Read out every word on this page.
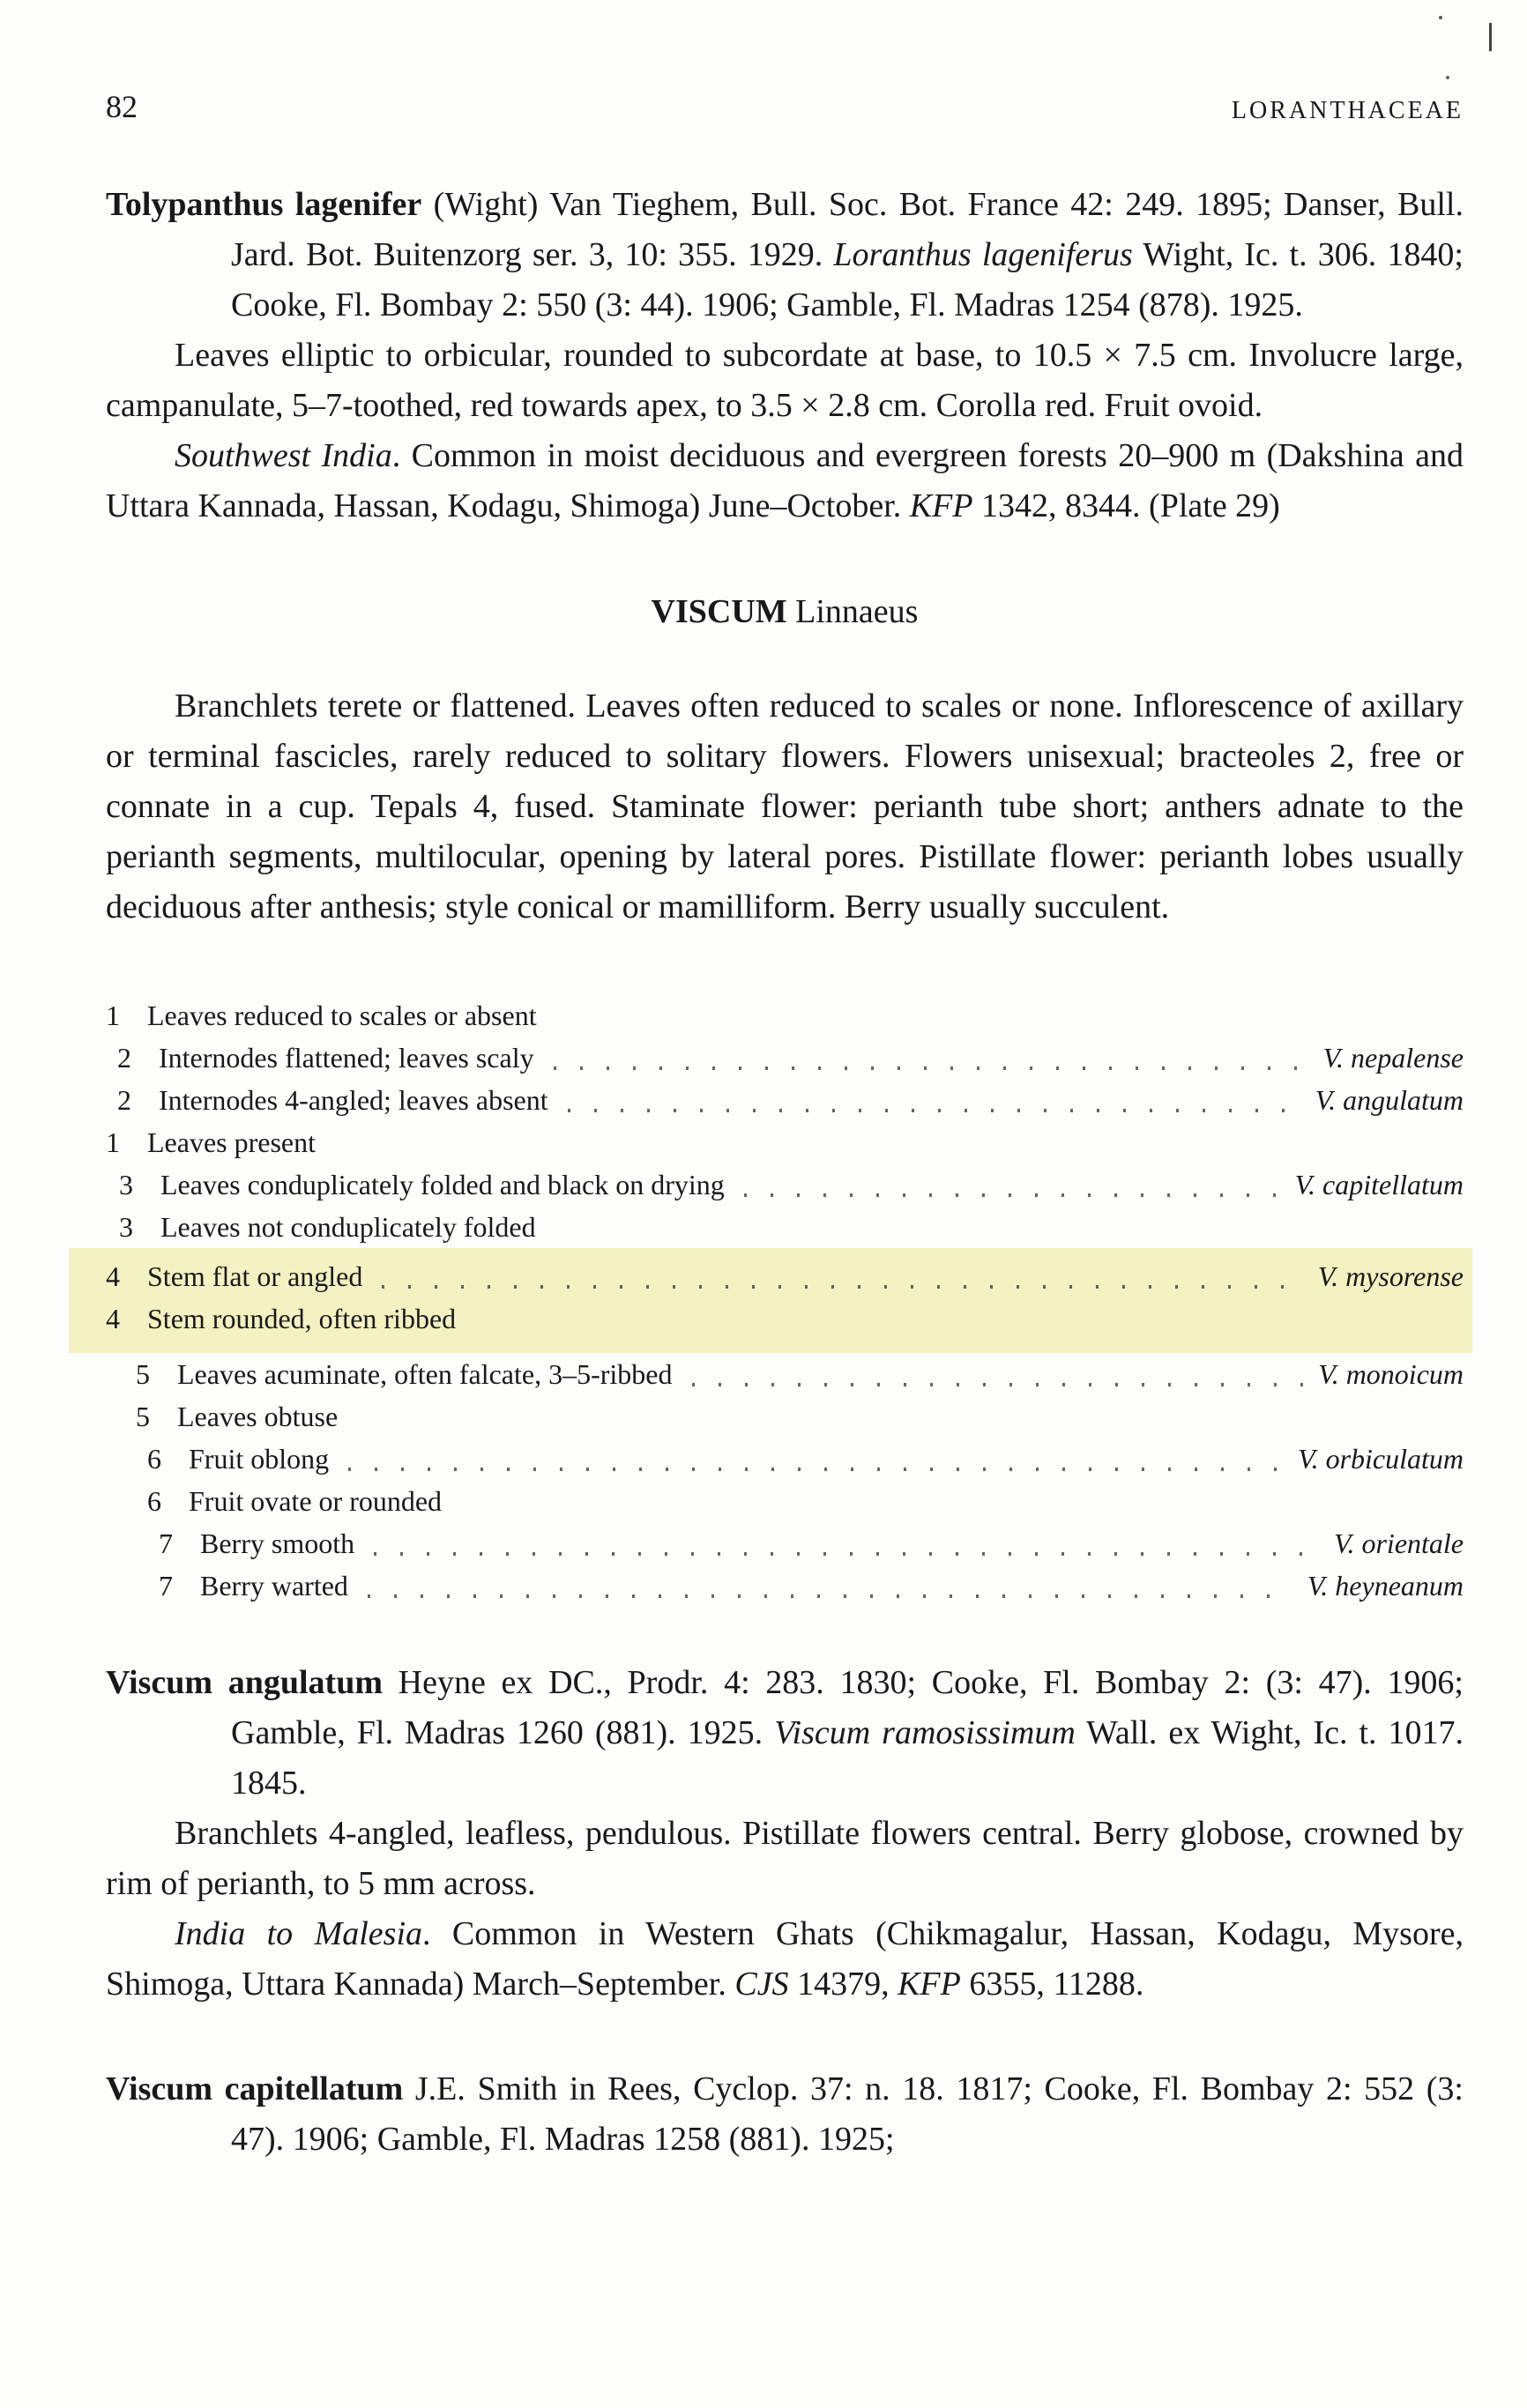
82	LORANTHACEAE

Tolypanthus lagenifer (Wight) Van Tieghem, Bull. Soc. Bot. France 42: 249. 1895; Danser, Bull. Jard. Bot. Buitenzorg ser. 3, 10: 355. 1929. Loranthus lageniferus Wight, Ic. t. 306. 1840; Cooke, Fl. Bombay 2: 550 (3: 44). 1906; Gamble, Fl. Madras 1254 (878). 1925.

Leaves elliptic to orbicular, rounded to subcordate at base, to 10.5 × 7.5 cm. Involucre large, campanulate, 5–7-toothed, red towards apex, to 3.5 × 2.8 cm. Corolla red. Fruit ovoid.

Southwest India. Common in moist deciduous and evergreen forests 20–900 m (Dakshina and Uttara Kannada, Hassan, Kodagu, Shimoga) June–October. KFP 1342, 8344. (Plate 29)

VISCUM Linnaeus

Branchlets terete or flattened. Leaves often reduced to scales or none. Inflorescence of axillary or terminal fascicles, rarely reduced to solitary flowers. Flowers unisexual; bracteoles 2, free or connate in a cup. Tepals 4, fused. Staminate flower: perianth tube short; anthers adnate to the perianth segments, multilocular, opening by lateral pores. Pistillate flower: perianth lobes usually deciduous after anthesis; style conical or mamilliform. Berry usually succulent.

1 Leaves reduced to scales or absent
2 Internodes flattened; leaves scaly	V. nepalense
2 Internodes 4-angled; leaves absent	V. angulatum
1 Leaves present
3 Leaves conduplicately folded and black on drying	V. capitellatum
3 Leaves not conduplicately folded
4 Stem flat or angled	V. mysorense
4 Stem rounded, often ribbed
5 Leaves acuminate, often falcate, 3–5-ribbed	V. monoicum
5 Leaves obtuse
6 Fruit oblong	V. orbiculatum
6 Fruit ovate or rounded
7 Berry smooth	V. orientale
7 Berry warted	V. heyneanum

Viscum angulatum Heyne ex DC., Prodr. 4: 283. 1830; Cooke, Fl. Bombay 2: (3: 47). 1906; Gamble, Fl. Madras 1260 (881). 1925. Viscum ramosissimum Wall. ex Wight, Ic. t. 1017. 1845.

Branchlets 4-angled, leafless, pendulous. Pistillate flowers central. Berry globose, crowned by rim of perianth, to 5 mm across.

India to Malesia. Common in Western Ghats (Chikmagalur, Hassan, Kodagu, Mysore, Shimoga, Uttara Kannada) March–September. CJS 14379, KFP 6355, 11288.

Viscum capitellatum J.E. Smith in Rees, Cyclop. 37: n. 18. 1817; Cooke, Fl. Bombay 2: 552 (3: 47). 1906; Gamble, Fl. Madras 1258 (881). 1925;
